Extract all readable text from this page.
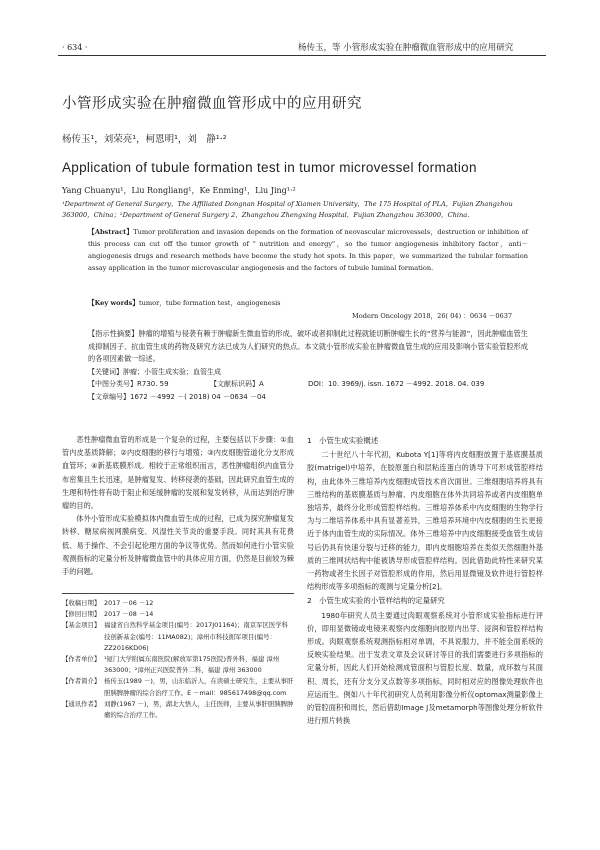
· 634 ·	杨传玉，等 小管形成实验在肿瘤微血管形成中的应用研究
小管形成实验在肿瘤微血管形成中的应用研究
杨传玉¹，刘荣亮¹，柯恩明¹，刘　静¹·²
Application of tubule formation test in tumor microvessel formation
Yang Chuanyu¹，Liu Rongliang¹，Ke Enming¹，Liu Jing¹·²
¹Department of General Surgery，The Affiliated Dongnan Hospital of Xiamen University，The 175 Hospital of PLA，Fujian Zhangzhou 363000，China；²Department of General Surgery 2，Zhangzhou Zhengxing Hospital，Fujian Zhangzhou 363000，China.
【Abstract】Tumor proliferation and invasion depends on the formation of neovascular microvessels，destruction or inhibition of this process can cut off the tumor growth of " nutrition and energy"，so the tumor angiogenesis inhibitory factor，anti－angiogenesis drugs and research methods have become the study hot spots. In this paper，we summarized the tubular formation assay application in the tumor microvascular angiogenesis and the factors of tubule luminal formation.
【Key words】tumor，tube formation test，angiogenesis
Modern Oncology 2018，26( 04) ：0634 －0637
【指示性摘要】肿瘤的增殖与侵袭有赖于肿瘤新生微血管的形成，破坏或者抑制此过程就能切断肿瘤生长的“营养与能源”，因此肿瘤血管生成抑制因子、抗血管生成的药物及研究方法已成为人们研究的热点。本文就小管形成实验在肿瘤微血管生成的应用及影响小管实验管腔形成的各项因素做一综述。
【关键词】肿瘤；小管生成实验；血管生成
【中图分类号】R730. 59	【文献标识码】A	DOI：10. 3969/j. issn. 1672 －4992. 2018. 04. 039
【文章编号】1672 －4992 －( 2018) 04 －0634 －04

恶性肿瘤微血管的形成是一个复杂的过程，主要包括以下步骤：①血管内皮基质降解；②内皮细胞的移行与增殖；③内皮细胞管道化分支形成血管环；④新基底膜形成。相较于正常组织而言，恶性肿瘤组织内血管分布密集且生长迅速，是肿瘤复发、转移侵袭的基础，因此研究血管生成的生理和特性将有助于阻止和延缓肿瘤的发展和复发转移，从而达到治疗肿瘤的目的。

体外小管形成实验模拟体内微血管生成的过程，已成为探究肿瘤复发转移、糖尿病视网膜病变、风湿性关节炎的重要手段。同时其具有花费低、易于操作、不会引起伦理方面的争议等优势。然而如何进行小管实验观测指标的定量分析及肿瘤微血管中的具体应用方面，仍然是目前较为棘手的问题。

【收稿日期】 2017 －06 －12
【修回日期】 2017 －08 －14
【基金项目】 福建省自然科学基金项目(编号：2017J01164)；南京军区医学科技创新基金(编号：11MA082)；漳州市科技拥军项目(编号：ZZ2016KD06)
【作者单位】 ¹厦门大学附属东南医院(解放军第175医院)普外科，福建 漳州 363000；²漳州正兴医院普外二科，福建 漳州 363000
【作者简介】 杨传玉(1989 －)，男，山东临沂人，在读硕士研究生，主要从事肝胆胰脾肿瘤的综合治疗工作。E －mail：985617498@qq.com
【通讯作者】 刘静(1967 －)，男，湖北大悟人，主任医师，主要从事肝胆胰脾肿瘤的综合治疗工作。

1　小管生成实验概述

二十世纪八十年代初，Kubota Y[1]等将内皮细胞放置于基底膜基质胶(matrigel)中培养，在胶原蛋白和层粘连蛋白的诱导下可形成管腔样结构，由此体外三维培养内皮细胞成管技术首次面世。三维细胞培养将具有三维结构的基底膜基质与肿瘤、内皮细胞在体外共同培养或者内皮细胞单独培养，最终分化形成管腔样结构。三维培养体系中内皮细胞的生物学行为与二维培养体系中具有显著差异，三维培养环境中内皮细胞的生长更接近于体内血管生成的实际情况。体外三维培养中内皮细胞接受血管生成信号后仍具有快速分裂与迁移的能力，即内皮细胞培养在类似天然细胞外基质的三维网状结构中能被诱导形成管腔样结构。因此借助此特性来研究某一药物或者生长因子对管腔形成的作用，然后用显微镜及软件进行管腔样结构形成等多项指标的观测与定量分析[2]。

2　小管生成实验的小管样结构的定量研究

1980年研究人员主要通过肉眼观察系统对小管形成实验指标进行评价，即用显微镜或电镜来观察内皮细胞向胶原内出芽、浸润和管腔样结构形成。肉眼观察系统观测指标相对单调，不具说服力，并不能全面系统的反映实验结果。出于发表文章及会议研讨等目的我们需要进行多项指标的定量分析，因此人们开始检测成管面积与管腔长度、数量，成环数与其面积、周长，还有分支分叉点数等多项指标，同时相对应的图像处理软件也应运而生。例如八十年代初研究人员利用影像分析仪optomax测量影像上的管腔面积和周长，然后借助Image J及metamorph等图像处理分析软件进行照片转换
